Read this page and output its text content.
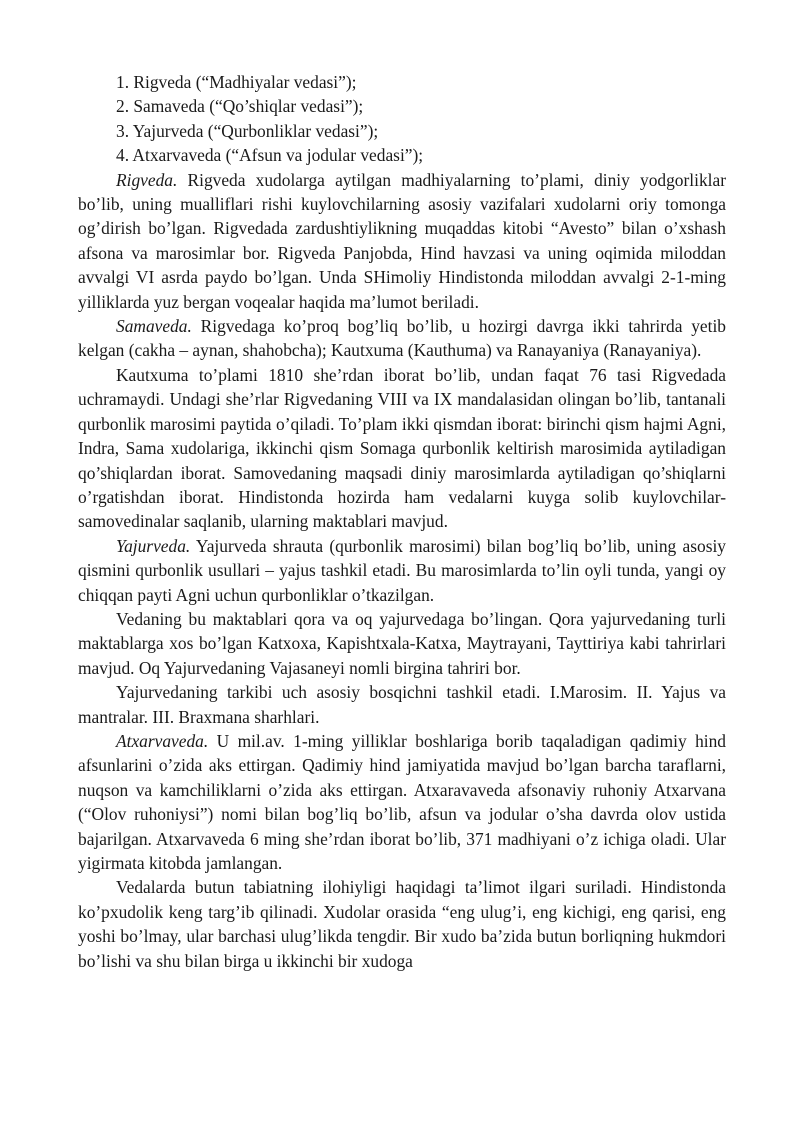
1. Rigveda (“Madhiyalar vedasi”);

2. Samaveda (“Qo’shiqlar vedasi”);

3. Yajurveda (“Qurbonliklar vedasi”);

4. Atxarvaveda (“Afsun va jodular vedasi”);

Rigveda. Rigveda xudolarga aytilgan madhiyalarning to’plami, diniy yodgorliklar bo’lib, uning mualliflari rishi kuylovchilarning asosiy vazifalari xudolarni oriy tomonga og’dirish bo’lgan. Rigvedada zardushtiylikning muqaddas kitobi “Avesto” bilan o’xshash afsona va marosimlar bor. Rigveda Panjobda, Hind havzasi va uning oqimida miloddan avvalgi VI asrda paydo bo’lgan. Unda SHimoliy Hindistonda miloddan avvalgi 2-1-ming yilliklarda yuz bergan voqealar haqida ma’lumot beriladi.

Samaveda. Rigvedaga ko’proq bog’liq bo’lib, u hozirgi davrga ikki tahrirda yetib kelgan (cakha – aynan, shahobcha); Kautxuma (Kauthuma) va Ranayaniya (Ranayaniya).

Kautxuma to’plami 1810 she’rdan iborat bo’lib, undan faqat 76 tasi Rigvedada uchramaydi. Undagi she’rlar Rigvedaning VIII va IX mandalasidan olingan bo’lib, tantanali qurbonlik marosimi paytida o’qiladi. To’plam ikki qismdan iborat: birinchi qism hajmi Agni, Indra, Sama xudolariga, ikkinchi qism Somaga qurbonlik keltirish marosimida aytiladigan qo’shiqlardan iborat. Samovedaning maqsadi diniy marosimlarda aytiladigan qo’shiqlarni o’rgatishdan iborat. Hindistonda hozirda ham vedalarni kuyga solib kuylovchilar-samovedinalar saqlanib, ularning maktablari mavjud.

Yajurveda. Yajurveda shrauta (qurbonlik marosimi) bilan bog’liq bo’lib, uning asosiy qismini qurbonlik usullari – yajus tashkil etadi. Bu marosimlarda to’lin oyli tunda, yangi oy chiqqan payti Agni uchun qurbonliklar o’tkazilgan.

Vedaning bu maktablari qora va oq yajurvedaga bo’lingan. Qora yajurvedaning turli maktablarga xos bo’lgan Katxoxa, Kapishtxala-Katxa, Maytrayani, Tayttiriya kabi tahrirlari mavjud. Oq Yajurvedaning Vajasaneyi nomli birgina tahriri bor.

Yajurvedaning tarkibi uch asosiy bosqichni tashkil etadi. I.Marosim. II. Yajus va mantralar. III. Braxmana sharhlari.

Atxarvaveda. U mil.av. 1-ming yilliklar boshlariga borib taqaladigan qadimiy hind afsunlarini o’zida aks ettirgan. Qadimiy hind jamiyatida mavjud bo’lgan barcha taraflarni, nuqson va kamchiliklarni o’zida aks ettirgan. Atxaravaveda afsonaviy ruhoniy Atxarvana (“Olov ruhoniysi”) nomi bilan bog’liq bo’lib, afsun va jodular o’sha davrda olov ustida bajarilgan. Atxarvaveda 6 ming she’rdan iborat bo’lib, 371 madhiyani o’z ichiga oladi. Ular yigirmata kitobda jamlangan.

Vedalarda butun tabiatning ilohiyligi haqidagi ta’limot ilgari suriladi. Hindistonda ko’pxudolik keng targ’ib qilinadi. Xudolar orasida “eng ulug’i, eng kichigi, eng qarisi, eng yoshi bo’lmay, ular barchasi ulug’likda tengdir. Bir xudo ba’zida butun borliqning hukmdori bo’lishi va shu bilan birga u ikkinchi bir xudoga
